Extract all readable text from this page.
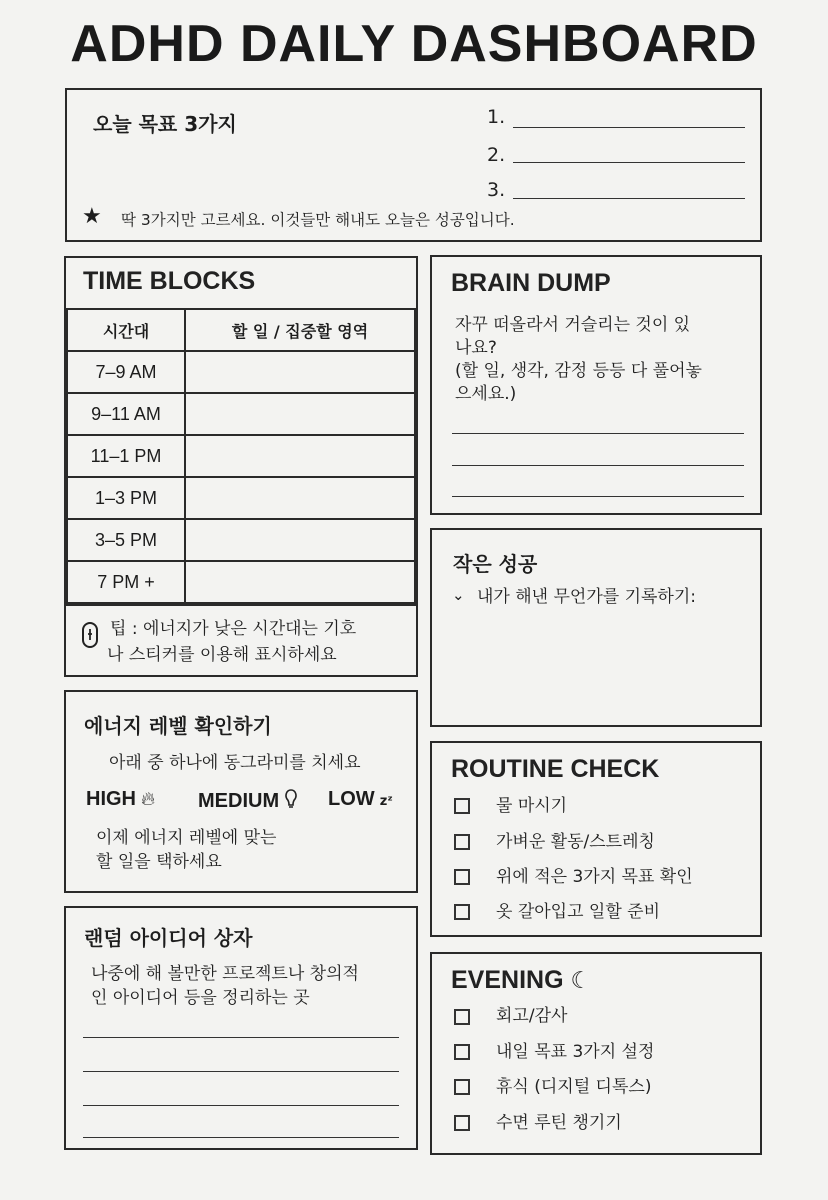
ADHD DAILY DASHBOARD
오늘 목표 3가지	1.
2.
3.
★ 딱 3가지만 고르세요. 이것들만 해내도 오늘은 성공입니다.
TIME BLOCKS
시간대	할 일 / 집중할 영역
7–9 AM	
9–11 AM	
11–1 PM	
1–3 PM	
3–5 PM	
7 PM +	
팁 : 에너지가 낮은 시간대는 기호
나 스티커를 이용해 표시하세요
BRAIN DUMP
자꾸 떠올라서 거슬리는 것이 있
나요?
(할 일, 생각, 감정 등등 다 풀어놓
으세요.)
작은 성공
⌄ 내가 해낸 무언가를 기록하기:
에너지 레벨 확인하기
아래 중 하나에 동그라미를 치세요
HIGH 🔥︎ MEDIUM	LOW zᶻ
이제 에너지 레벨에 맞는
할 일을 택하세요
ROUTINE CHECK
물 마시기
가벼운 활동/스트레칭
위에 적은 3가지 목표 확인
옷 갈아입고 일할 준비
랜덤 아이디어 상자
나중에 해 볼만한 프로젝트나 창의적
인 아이디어 등을 정리하는 곳
EVENING ☾
회고/감사
내일 목표 3가지 설정
휴식 (디지털 디톡스)
수면 루틴 챙기기
